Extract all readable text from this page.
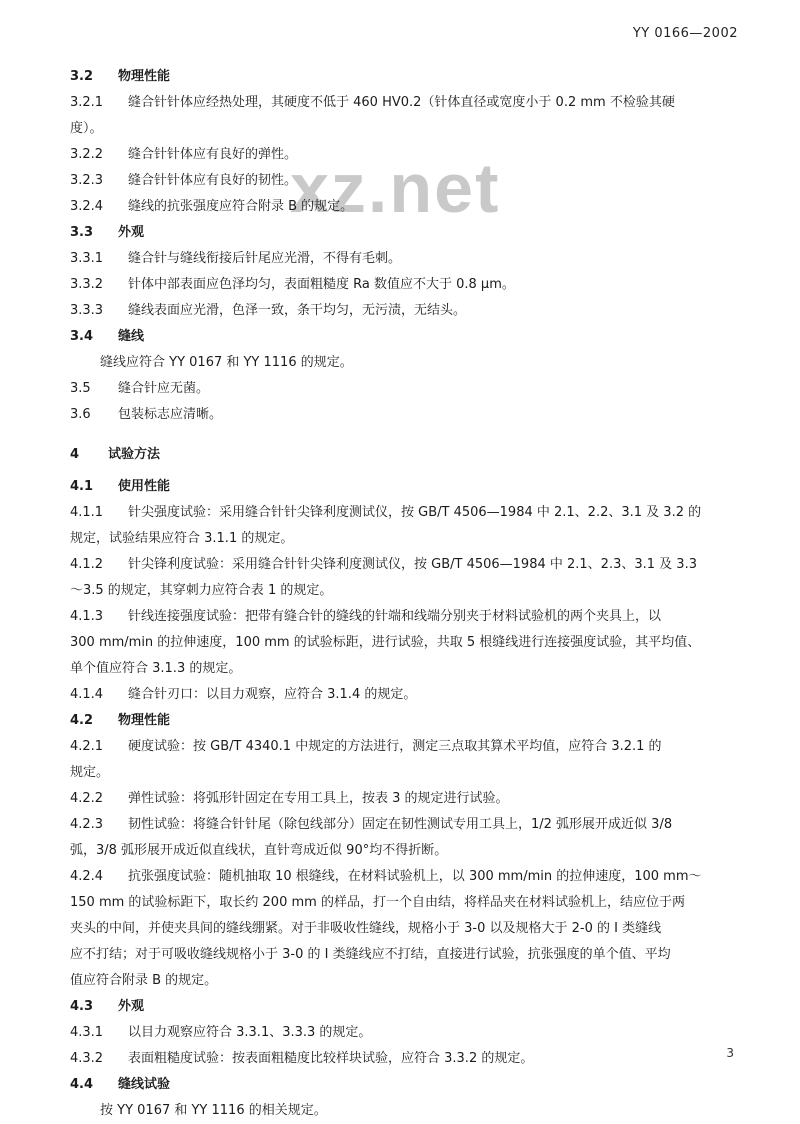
YY 0166—2002
xz.net
3.2 物理性能
3.2.1 缝合针针体应经热处理，其硬度不低于 460 HV0.2（针体直径或宽度小于 0.2 mm 不检验其硬
度）。
3.2.2 缝合针针体应有良好的弹性。
3.2.3 缝合针针体应有良好的韧性。
3.2.4 缝线的抗张强度应符合附录 B 的规定。
3.3 外观
3.3.1 缝合针与缝线衔接后针尾应光滑，不得有毛刺。
3.3.2 针体中部表面应色泽均匀，表面粗糙度 Ra 数值应不大于 0.8 μm。
3.3.3 缝线表面应光滑，色泽一致，条干均匀，无污渍，无结头。
3.4 缝线
缝线应符合 YY 0167 和 YY 1116 的规定。
3.5 缝合针应无菌。
3.6 包装标志应清晰。
4 试验方法
4.1 使用性能
4.1.1 针尖强度试验：采用缝合针针尖锋利度测试仪，按 GB/T 4506—1984 中 2.1、2.2、3.1 及 3.2 的
规定，试验结果应符合 3.1.1 的规定。
4.1.2 针尖锋利度试验：采用缝合针针尖锋利度测试仪，按 GB/T 4506—1984 中 2.1、2.3、3.1 及 3.3
～3.5 的规定，其穿刺力应符合表 1 的规定。
4.1.3 针线连接强度试验：把带有缝合针的缝线的针端和线端分别夹于材料试验机的两个夹具上，以
300 mm/min 的拉伸速度，100 mm 的试验标距，进行试验，共取 5 根缝线进行连接强度试验，其平均值、
单个值应符合 3.1.3 的规定。
4.1.4 缝合针刃口：以目力观察，应符合 3.1.4 的规定。
4.2 物理性能
4.2.1 硬度试验：按 GB/T 4340.1 中规定的方法进行，测定三点取其算术平均值，应符合 3.2.1 的
规定。
4.2.2 弹性试验：将弧形针固定在专用工具上，按表 3 的规定进行试验。
4.2.3 韧性试验：将缝合针针尾（除包线部分）固定在韧性测试专用工具上，1/2 弧形展开成近似 3/8
弧，3/8 弧形展开成近似直线状，直针弯成近似 90°均不得折断。
4.2.4 抗张强度试验：随机抽取 10 根缝线，在材料试验机上，以 300 mm/min 的拉伸速度，100 mm～
150 mm 的试验标距下，取长约 200 mm 的样品，打一个自由结，将样品夹在材料试验机上，结应位于两
夹头的中间，并使夹具间的缝线绷紧。对于非吸收性缝线，规格小于 3-0 以及规格大于 2-0 的 I 类缝线
应不打结；对于可吸收缝线规格小于 3-0 的 I 类缝线应不打结，直接进行试验，抗张强度的单个值、平均
值应符合附录 B 的规定。
4.3 外观
4.3.1 以目力观察应符合 3.3.1、3.3.3 的规定。
4.3.2 表面粗糙度试验：按表面粗糙度比较样块试验，应符合 3.3.2 的规定。
4.4 缝线试验
按 YY 0167 和 YY 1116 的相关规定。
3
